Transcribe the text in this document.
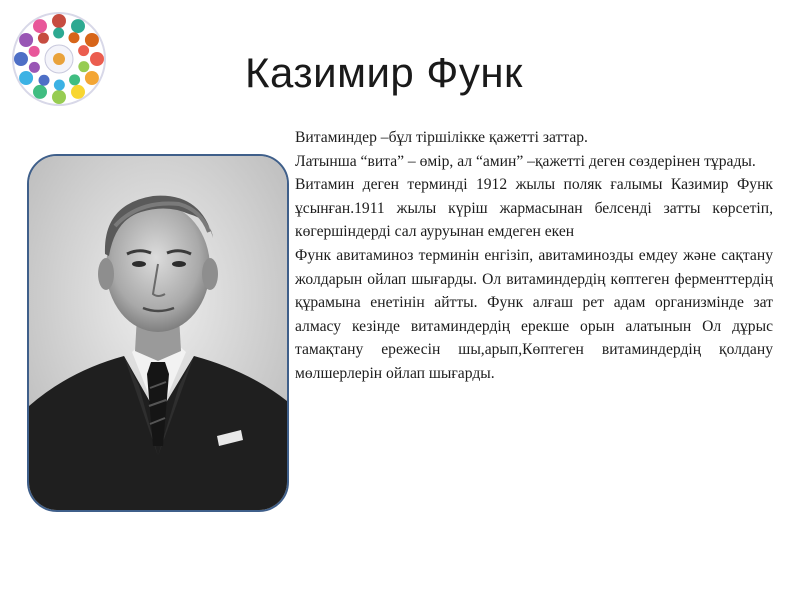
Казимир Функ

Витаминдер –бұл тіршілікке қажетті заттар.

Латынша “вита” – өмір, ал “амин” –қажетті деген сөздерінен тұрады.

Витамин деген терминді 1912 жылы поляк ғалымы Казимир Функ ұсынған.1911 жылы күріш жармасынан белсенді затты көрсетіп, көгершіндерді сал ауруынан емдеген екен

Функ авитаминоз терминін енгізіп, авитаминозды емдеу және сақтану жолдарын ойлап шығарды. Ол витаминдердің көптеген ферменттердің құрамына енетінін айтты. Функ алғаш рет адам организмінде зат алмасу кезінде витаминдердің ерекше орын алатынын Ол дұрыс тамақтану ережесін шы,арып,Көптеген витаминдердің қолдану мөлшерлерін ойлап шығарды.
